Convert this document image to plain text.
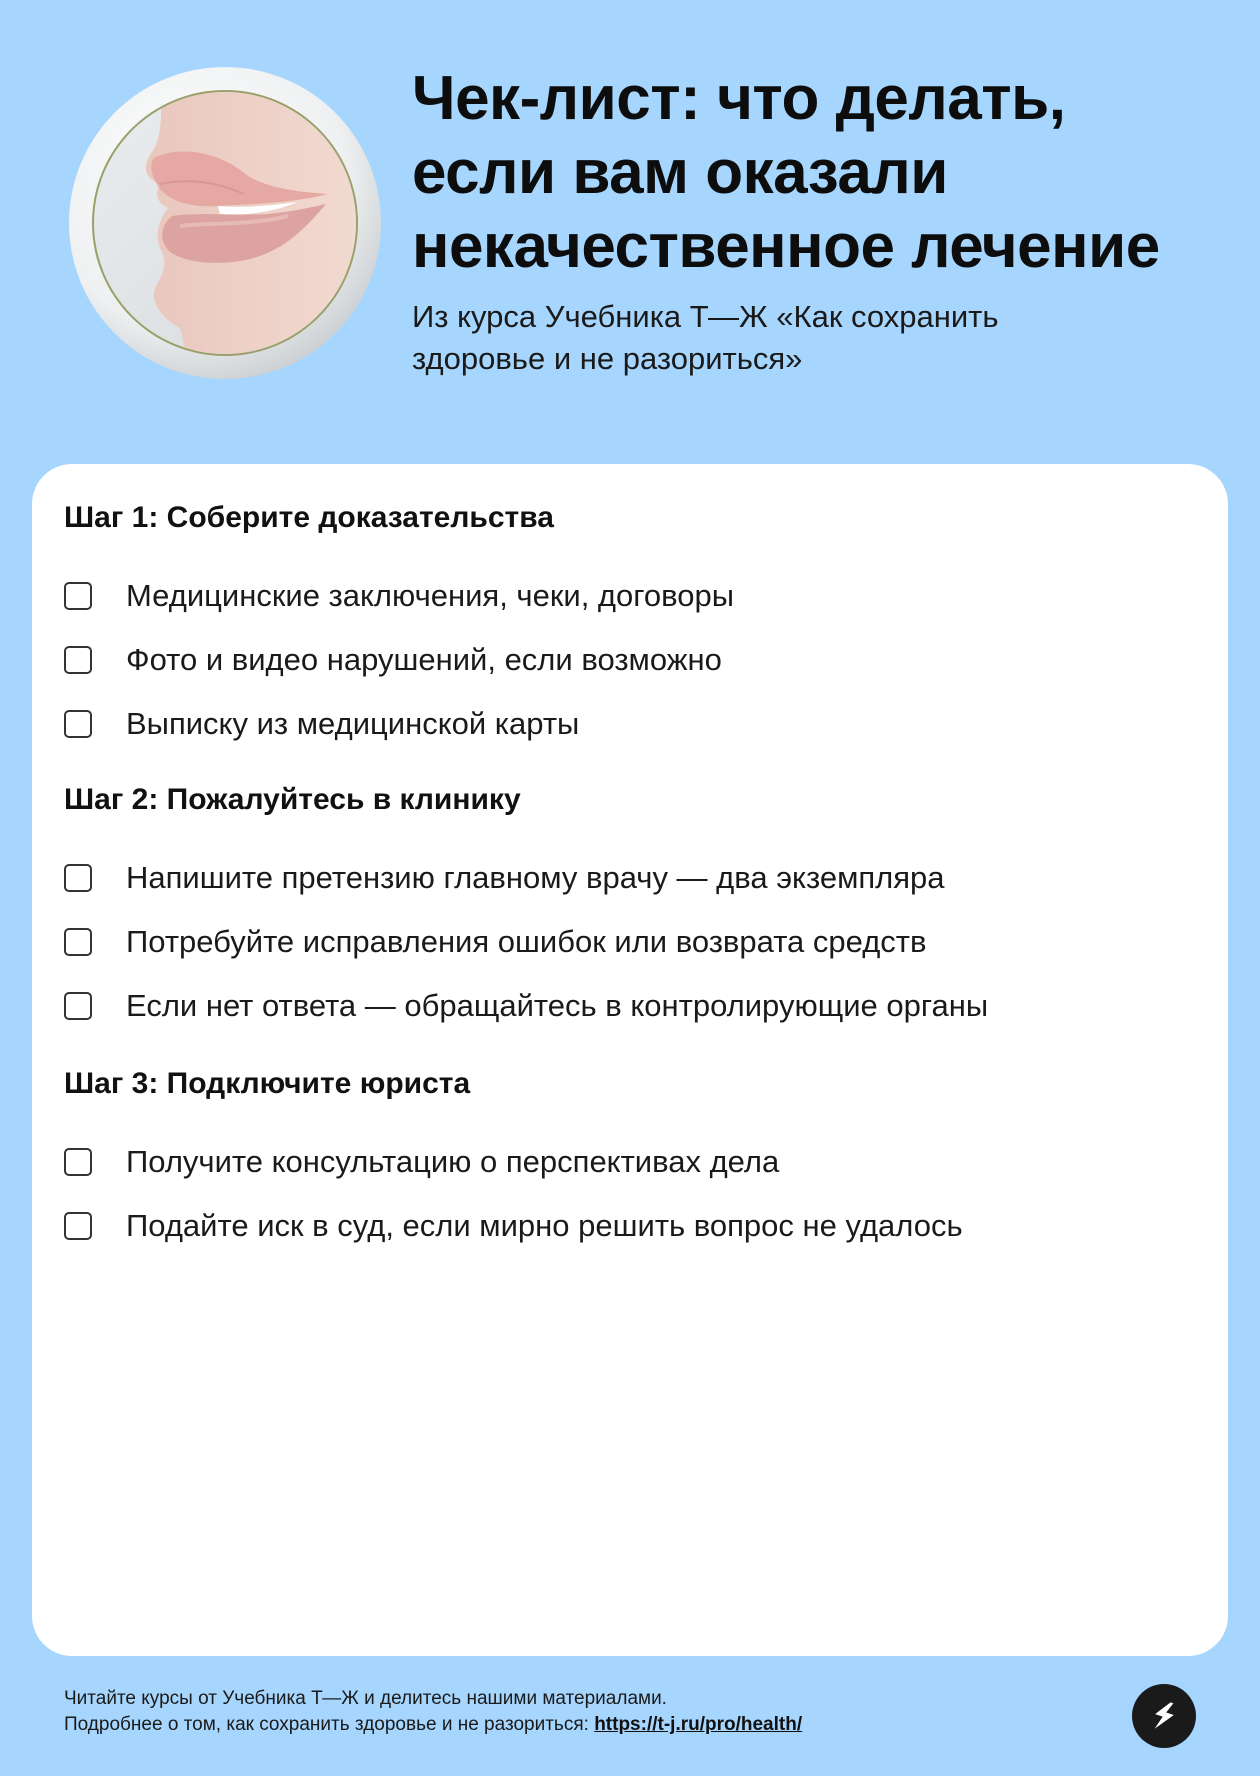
Чек-лист: что делать,
если вам оказали
некачественное лечение

Из курса Учебника Т—Ж «Как сохранить
здоровье и не разориться»

Шаг 1: Соберите доказательства
Медицинские заключения, чеки, договоры
Фото и видео нарушений, если возможно
Выписку из медицинской карты
Шаг 2: Пожалуйтесь в клинику
Напишите претензию главному врачу — два экземпляра
Потребуйте исправления ошибок или возврата средств
Если нет ответа — обращайтесь в контролирующие органы
Шаг 3: Подключите юриста
Получите консультацию о перспективах дела
Подайте иск в суд, если мирно решить вопрос не удалось
Читайте курсы от Учебника Т—Ж и делитесь нашими материалами.
Подробнее о том, как сохранить здоровье и не разориться: https://t-j.ru/pro/health/
